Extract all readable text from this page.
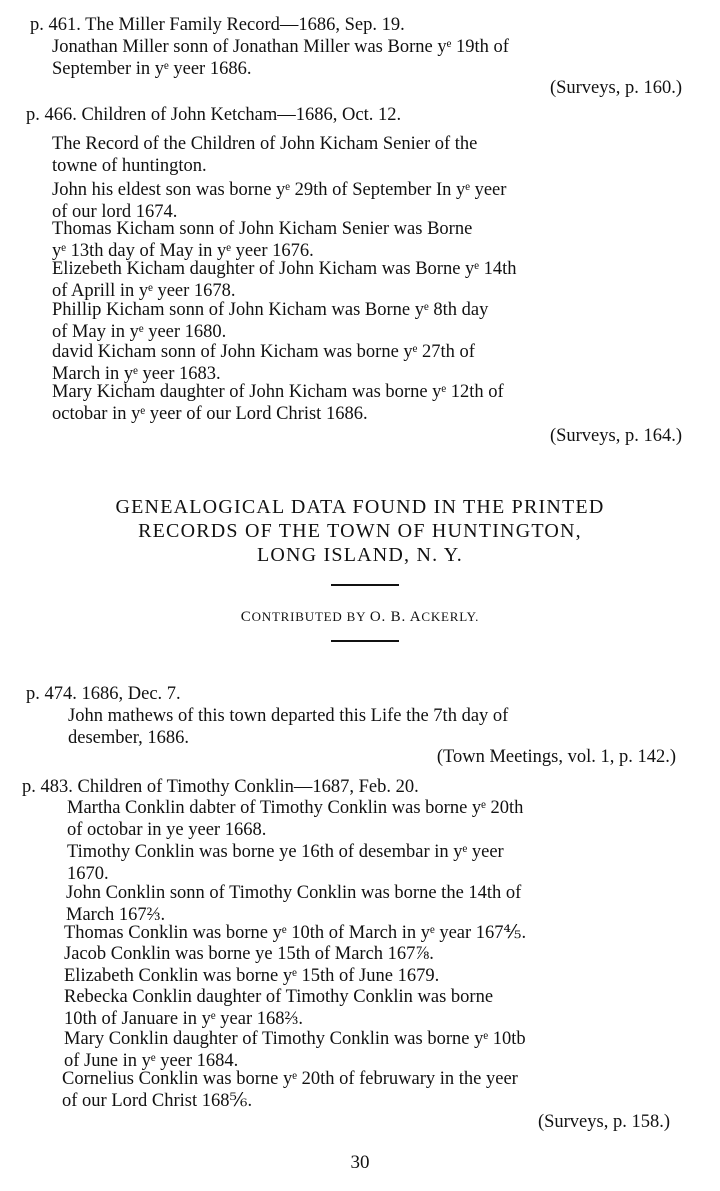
p. 461. The Miller Family Record—1686, Sep. 19.
Jonathan Miller sonn of Jonathan Miller was Borne yᵉ 19th of
September in yᵉ yeer 1686.
(Surveys, p. 160.)
p. 466. Children of John Ketcham—1686, Oct. 12.
The Record of the Children of John Kicham Senier of the
towne of huntington.
John his eldest son was borne yᵉ 29th of September In yᵉ yeer
of our lord 1674.
Thomas Kicham sonn of John Kicham Senier was Borne
yᵉ 13th day of May in yᵉ yeer 1676.
Elizebeth Kicham daughter of John Kicham was Borne yᵉ 14th
of Aprill in yᵉ yeer 1678.
Phillip Kicham sonn of John Kicham was Borne yᵉ 8th day
of May in yᵉ yeer 1680.
david Kicham sonn of John Kicham was borne yᵉ 27th of
March in yᵉ yeer 1683.
Mary Kicham daughter of John Kicham was borne yᵉ 12th of
octobar in yᵉ yeer of our Lord Christ 1686.
(Surveys, p. 164.)
GENEALOGICAL DATA FOUND IN THE PRINTED
RECORDS OF THE TOWN OF HUNTINGTON,
LONG ISLAND, N. Y.
CONTRIBUTED BY O. B. ACKERLY.
p. 474. 1686, Dec. 7.
John mathews of this town departed this Life the 7th day of
desember, 1686.
(Town Meetings, vol. 1, p. 142.)
p. 483. Children of Timothy Conklin—1687, Feb. 20.
Martha Conklin dabter of Timothy Conklin was borne yᵉ 20th
of octobar in ye yeer 1668.
Timothy Conklin was borne ye 16th of desembar in yᵉ yeer
1670.
John Conklin sonn of Timothy Conklin was borne the 14th of
March 167⅔.
Thomas Conklin was borne yᵉ 10th of March in yᵉ year 167⅘.
Jacob Conklin was borne ye 15th of March 167⅞.
Elizabeth Conklin was borne yᵉ 15th of June 1679.
Rebecka Conklin daughter of Timothy Conklin was borne
10th of Januare in yᵉ year 168⅔.
Mary Conklin daughter of Timothy Conklin was borne yᵉ 10tb
of June in yᵉ yeer 1684.
Cornelius Conklin was borne yᵉ 20th of februwary in the yeer
of our Lord Christ 168⅚.
(Surveys, p. 158.)
30
